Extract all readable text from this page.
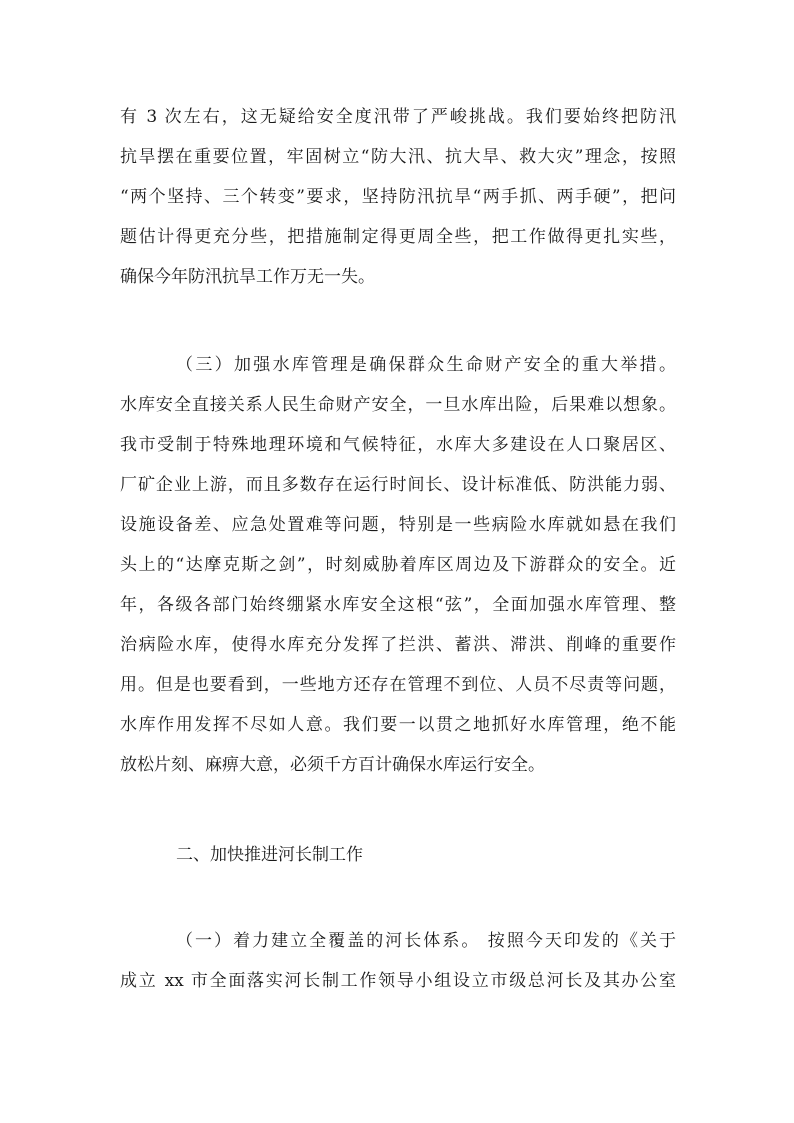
有 3 次左右，这无疑给安全度汛带了严峻挑战。我们要始终把防汛
抗旱摆在重要位置，牢固树立“防大汛、抗大旱、救大灾”理念，按照
“两个坚持、三个转变”要求，坚持防汛抗旱“两手抓、两手硬”，把问
题估计得更充分些，把措施制定得更周全些，把工作做得更扎实些，
确保今年防汛抗旱工作万无一失。
（三）加强水库管理是确保群众生命财产安全的重大举措。
水库安全直接关系人民生命财产安全，一旦水库出险，后果难以想象。
我市受制于特殊地理环境和气候特征，水库大多建设在人口聚居区、
厂矿企业上游，而且多数存在运行时间长、设计标准低、防洪能力弱、
设施设备差、应急处置难等问题，特别是一些病险水库就如悬在我们
头上的“达摩克斯之剑”，时刻威胁着库区周边及下游群众的安全。近
年，各级各部门始终绷紧水库安全这根“弦”，全面加强水库管理、整
治病险水库，使得水库充分发挥了拦洪、蓄洪、滞洪、削峰的重要作
用。但是也要看到，一些地方还存在管理不到位、人员不尽责等问题，
水库作用发挥不尽如人意。我们要一以贯之地抓好水库管理，绝不能
放松片刻、麻痹大意，必须千方百计确保水库运行安全。
二、加快推进河长制工作
（一）着力建立全覆盖的河长体系。 按照今天印发的《关于
成立 xx 市全面落实河长制工作领导小组设立市级总河长及其办公室
